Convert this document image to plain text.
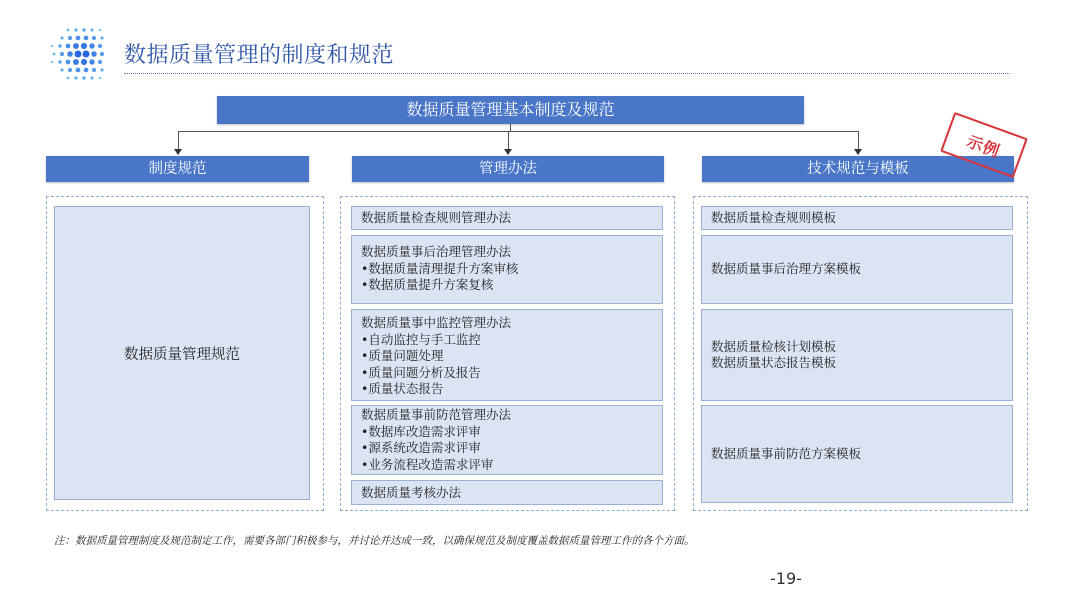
数据质量管理的制度和规范
数据质量管理基本制度及规范
制度规范	管理办法	技术规范与模板
示例
数据质量管理规范
数据质量检查规则管理办法
数据质量事后治理管理办法
•数据质量清理提升方案审核
•数据质量提升方案复核
数据质量事中监控管理办法
•自动监控与手工监控
•质量问题处理
•质量问题分析及报告
•质量状态报告
数据质量事前防范管理办法
•数据库改造需求评审
•源系统改造需求评审
•业务流程改造需求评审
数据质量考核办法
数据质量检查规则模板
数据质量事后治理方案模板
数据质量检核计划模板
数据质量状态报告模板
数据质量事前防范方案模板
注：数据质量管理制度及规范制定工作，需要各部门积极参与，并讨论并达成一致，以确保规范及制度覆盖数据质量管理工作的各个方面。
-19-
